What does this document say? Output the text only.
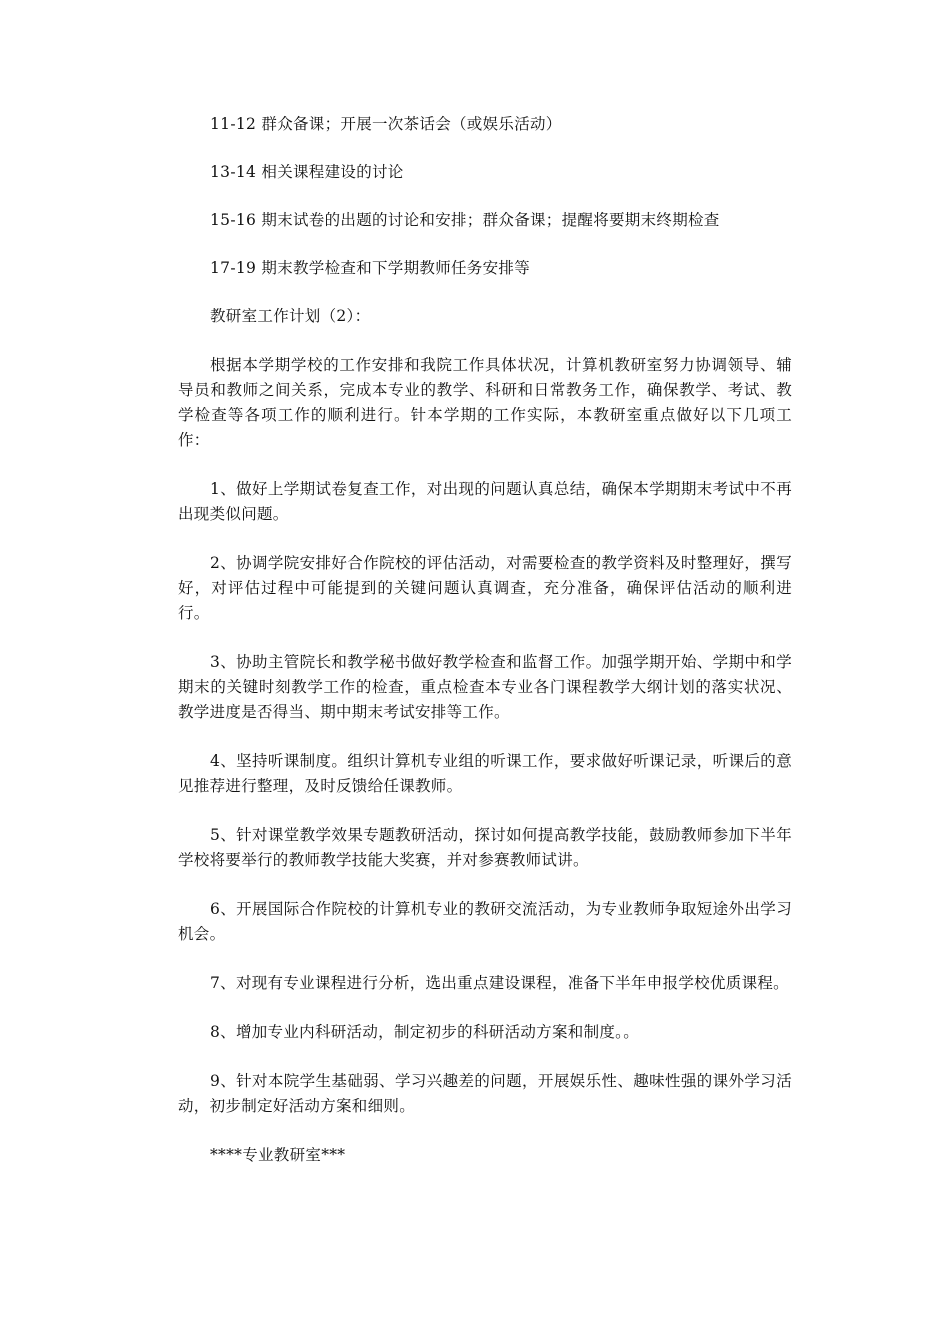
11-12 群众备课；开展一次茶话会（或娱乐活动）

13-14 相关课程建设的讨论

15-16 期末试卷的出题的讨论和安排；群众备课；提醒将要期末终期检查

17-19 期末教学检查和下学期教师任务安排等

教研室工作计划（2）：

根据本学期学校的工作安排和我院工作具体状况，计算机教研室努力协调领导、辅导员和教师之间关系，完成本专业的教学、科研和日常教务工作，确保教学、考试、教学检查等各项工作的顺利进行。针本学期的工作实际，本教研室重点做好以下几项工作：

1、做好上学期试卷复查工作，对出现的问题认真总结，确保本学期期末考试中不再出现类似问题。

2、协调学院安排好合作院校的评估活动，对需要检查的教学资料及时整理好，撰写好，对评估过程中可能提到的关键问题认真调查，充分准备，确保评估活动的顺利进行。

3、协助主管院长和教学秘书做好教学检查和监督工作。加强学期开始、学期中和学期末的关键时刻教学工作的检查，重点检查本专业各门课程教学大纲计划的落实状况、教学进度是否得当、期中期末考试安排等工作。

4、坚持听课制度。组织计算机专业组的听课工作，要求做好听课记录，听课后的意见推荐进行整理，及时反馈给任课教师。

5、针对课堂教学效果专题教研活动，探讨如何提高教学技能，鼓励教师参加下半年学校将要举行的教师教学技能大奖赛，并对参赛教师试讲。

6、开展国际合作院校的计算机专业的教研交流活动，为专业教师争取短途外出学习机会。

7、对现有专业课程进行分析，选出重点建设课程，准备下半年申报学校优质课程。

8、增加专业内科研活动，制定初步的科研活动方案和制度。。

9、针对本院学生基础弱、学习兴趣差的问题，开展娱乐性、趣味性强的课外学习活动，初步制定好活动方案和细则。

****专业教研室***
